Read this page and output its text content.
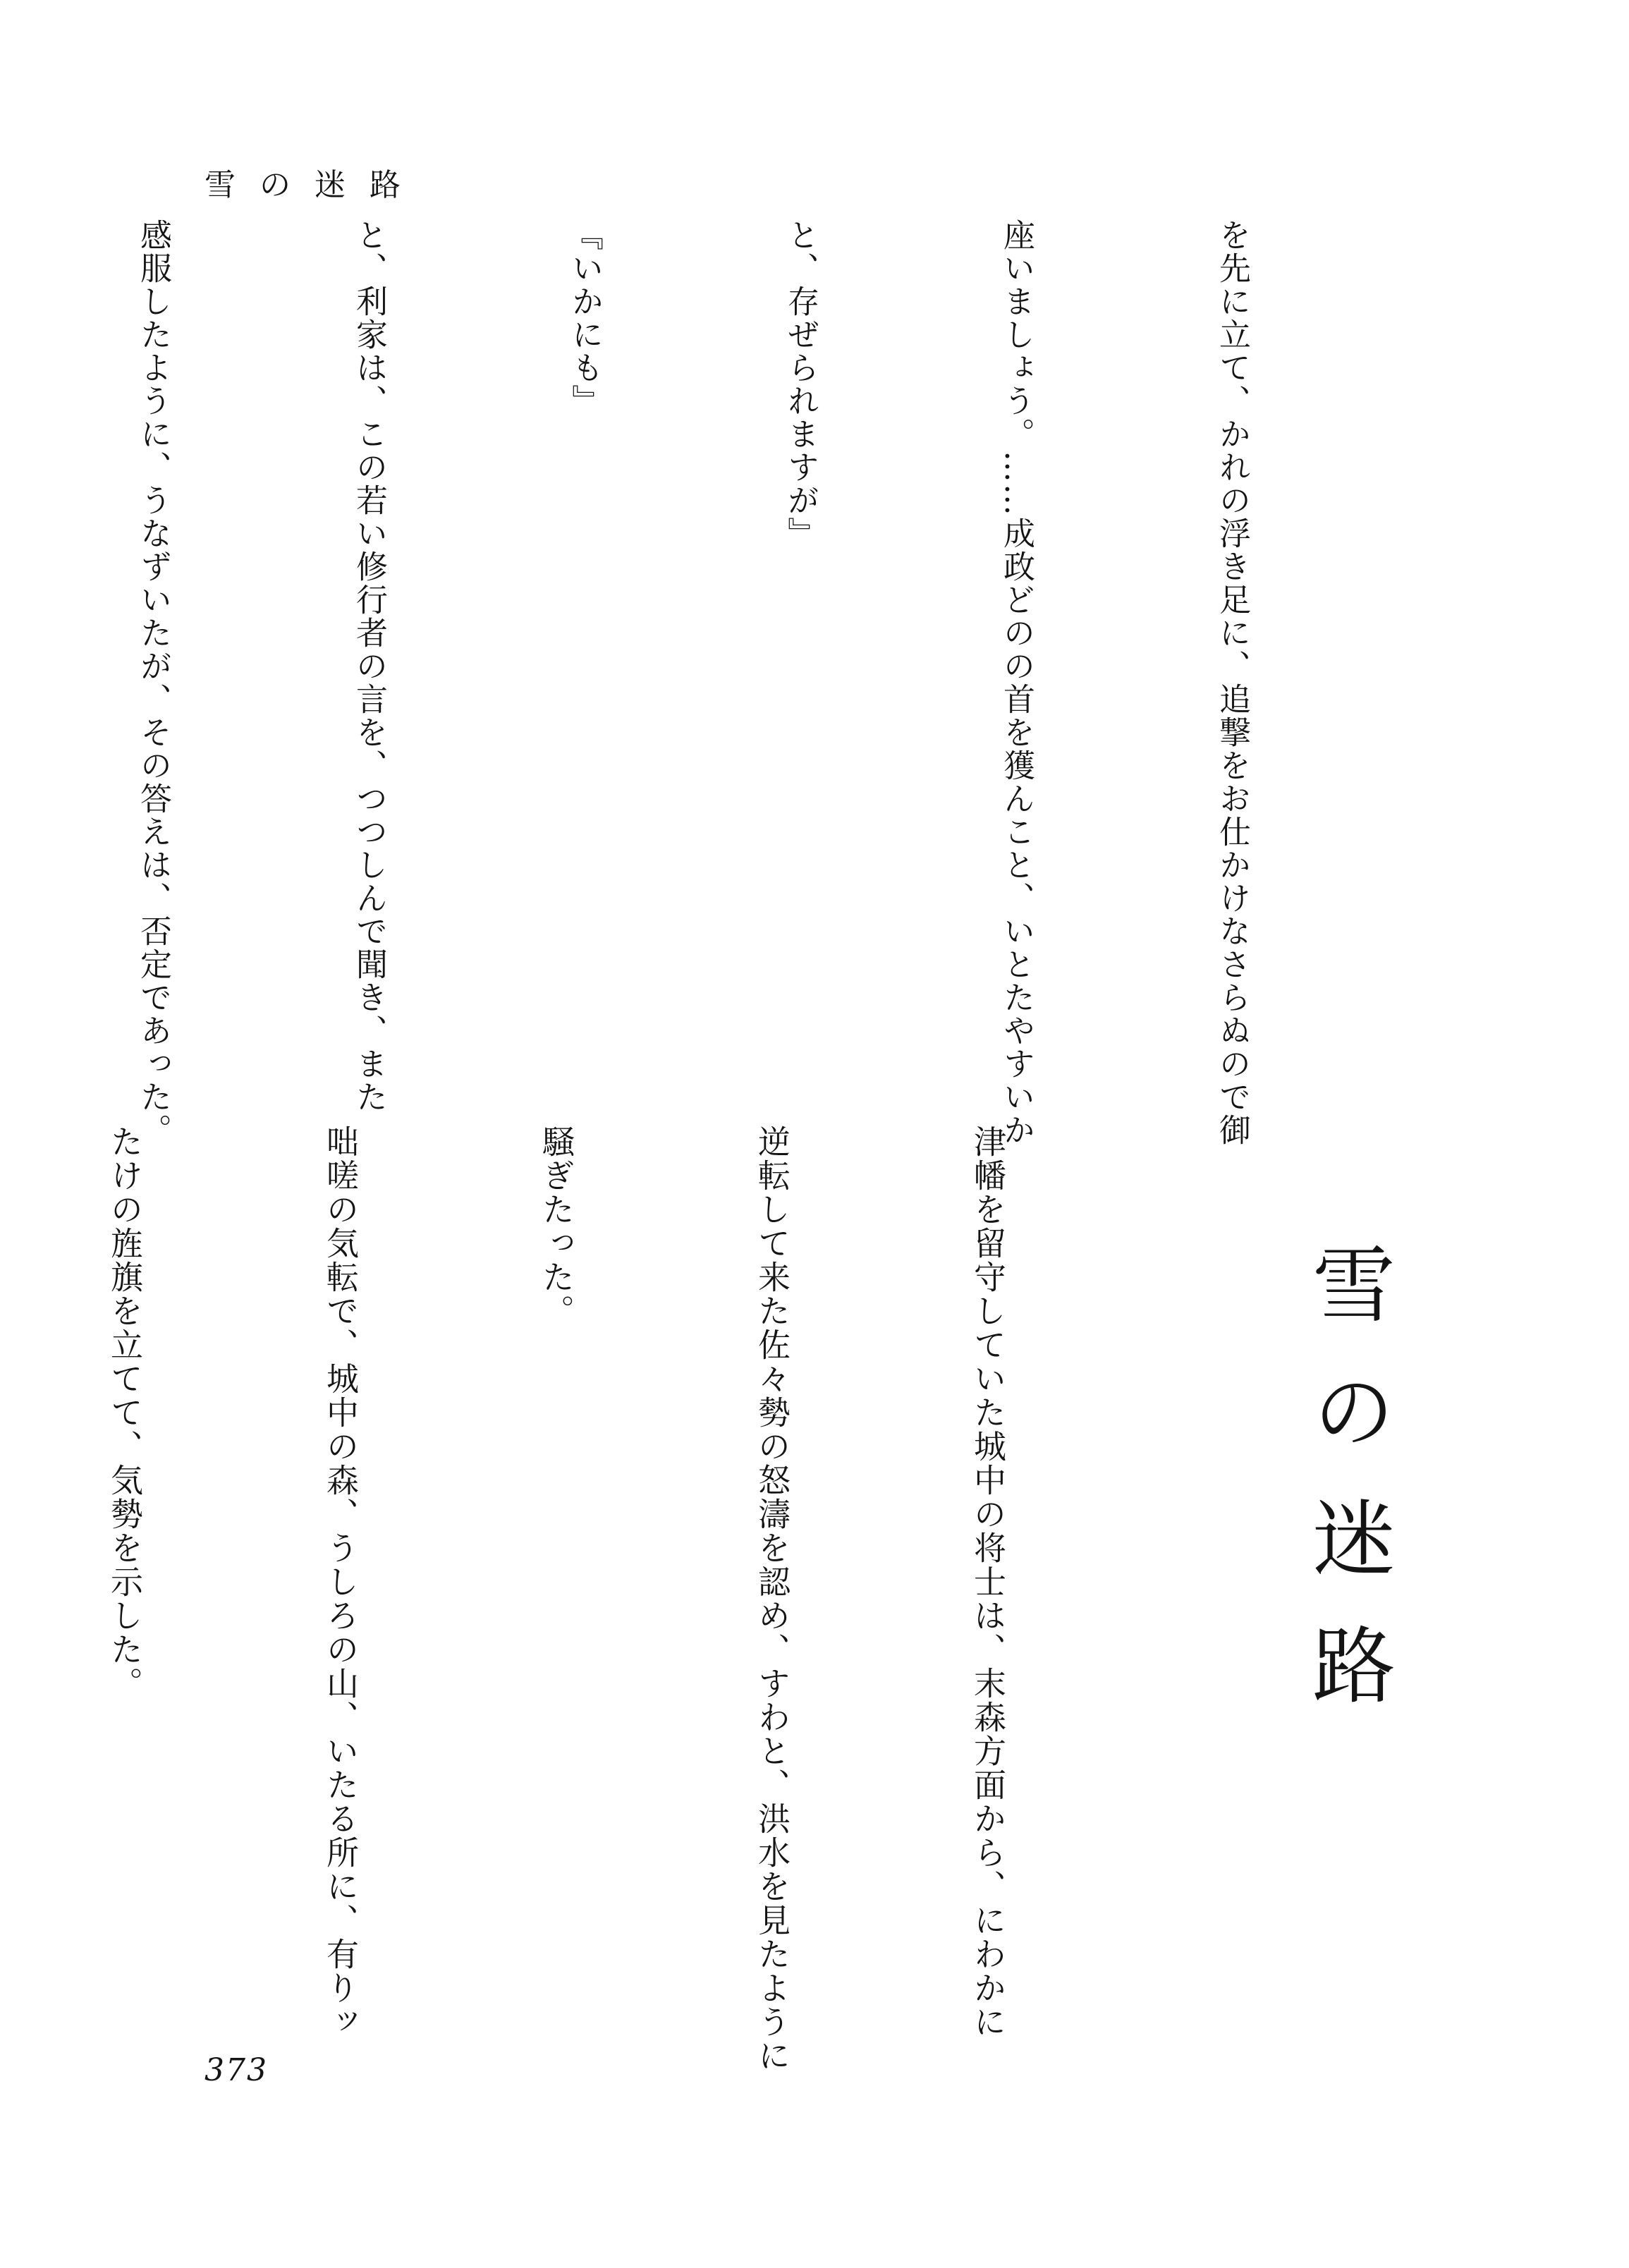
雪の迷路

を先に立て、かれの浮き足に、追撃をお仕かけなさらぬので御

座いましょう。……成政どのの首を獲んこと、いとたやすいか

と、存ぜられますが』

『いかにも』

と、利家は、この若い修行者の言を、つつしんで聞き、また

感服したように、うなずいたが、その答えは、否定であった。

雪の迷路

津幡を留守していた城中の将士は、末森方面から、にわかに

逆転して来た佐々勢の怒濤を認め、すわと、洪水を見たように

騒ぎたった。

咄嗟の気転で、城中の森、うしろの山、いたる所に、有りッ

たけの旌旗を立てて、気勢を示した。

373
